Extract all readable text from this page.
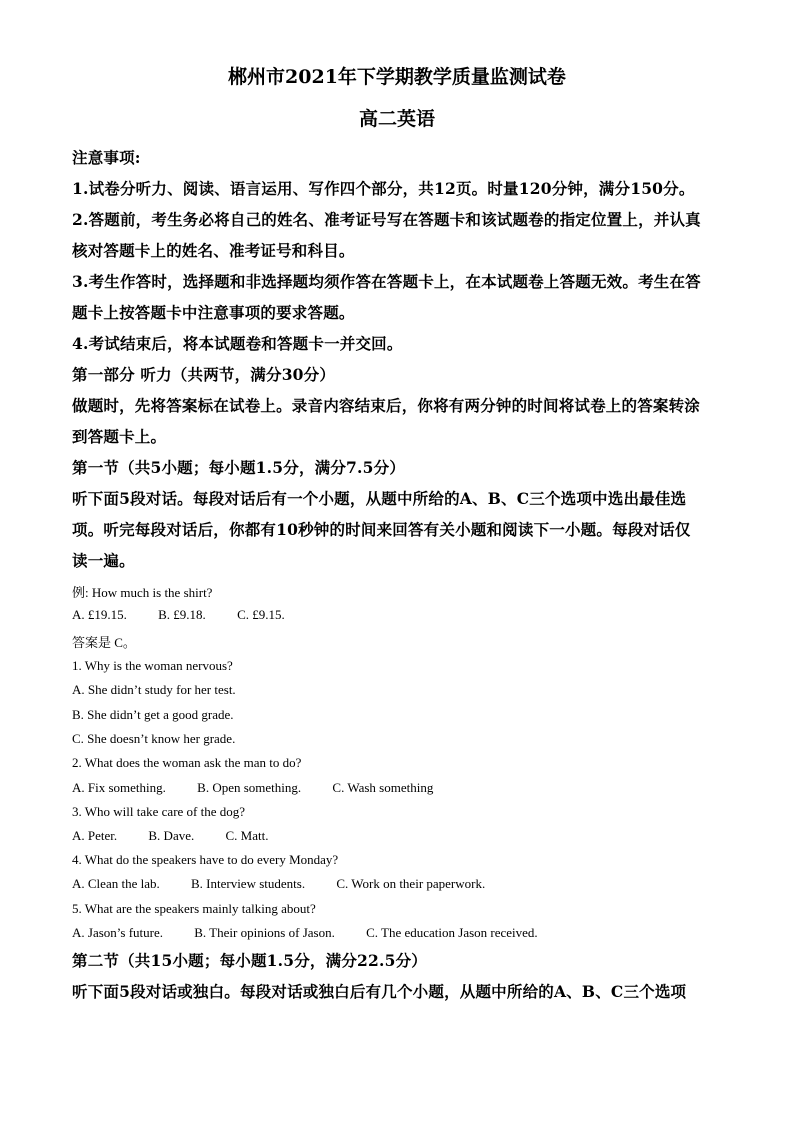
郴州市2021年下学期教学质量监测试卷
高二英语
注意事项:
1.试卷分听力、阅读、语言运用、写作四个部分，共12页。时量120分钟，满分150分。
2.答题前，考生务必将自己的姓名、准考证号写在答题卡和该试题卷的指定位置上，并认真
核对答题卡上的姓名、准考证号和科目。
3.考生作答时，选择题和非选择题均须作答在答题卡上，在本试题卷上答题无效。考生在答
题卡上按答题卡中注意事项的要求答题。
4.考试结束后，将本试题卷和答题卡一并交回。
第一部分 听力（共两节，满分30分）
做题时，先将答案标在试卷上。录音内容结束后，你将有两分钟的时间将试卷上的答案转涂
到答题卡上。
第一节（共5小题；每小题1.5分，满分7.5分）
听下面5段对话。每段对话后有一个小题，从题中所给的A、B、C三个选项中选出最佳选
项。听完每段对话后，你都有10秒钟的时间来回答有关小题和阅读下一小题。每段对话仅
读一遍。
例: How much is the shirt?
A. £19.15. B. £9.18. C. £9.15.
答案是 C。
1. Why is the woman nervous?
A. She didn’t study for her test.
B. She didn’t get a good grade.
C. She doesn’t know her grade.
2. What does the woman ask the man to do?
A. Fix something. B. Open something. C. Wash something
3. Who will take care of the dog?
A. Peter. B. Dave. C. Matt.
4. What do the speakers have to do every Monday?
A. Clean the lab. B. Interview students. C. Work on their paperwork.
5. What are the speakers mainly talking about?
A. Jason’s future. B. Their opinions of Jason. C. The education Jason received.
第二节（共15小题；每小题1.5分，满分22.5分）
听下面5段对话或独白。每段对话或独白后有几个小题，从题中所给的A、B、C三个选项
